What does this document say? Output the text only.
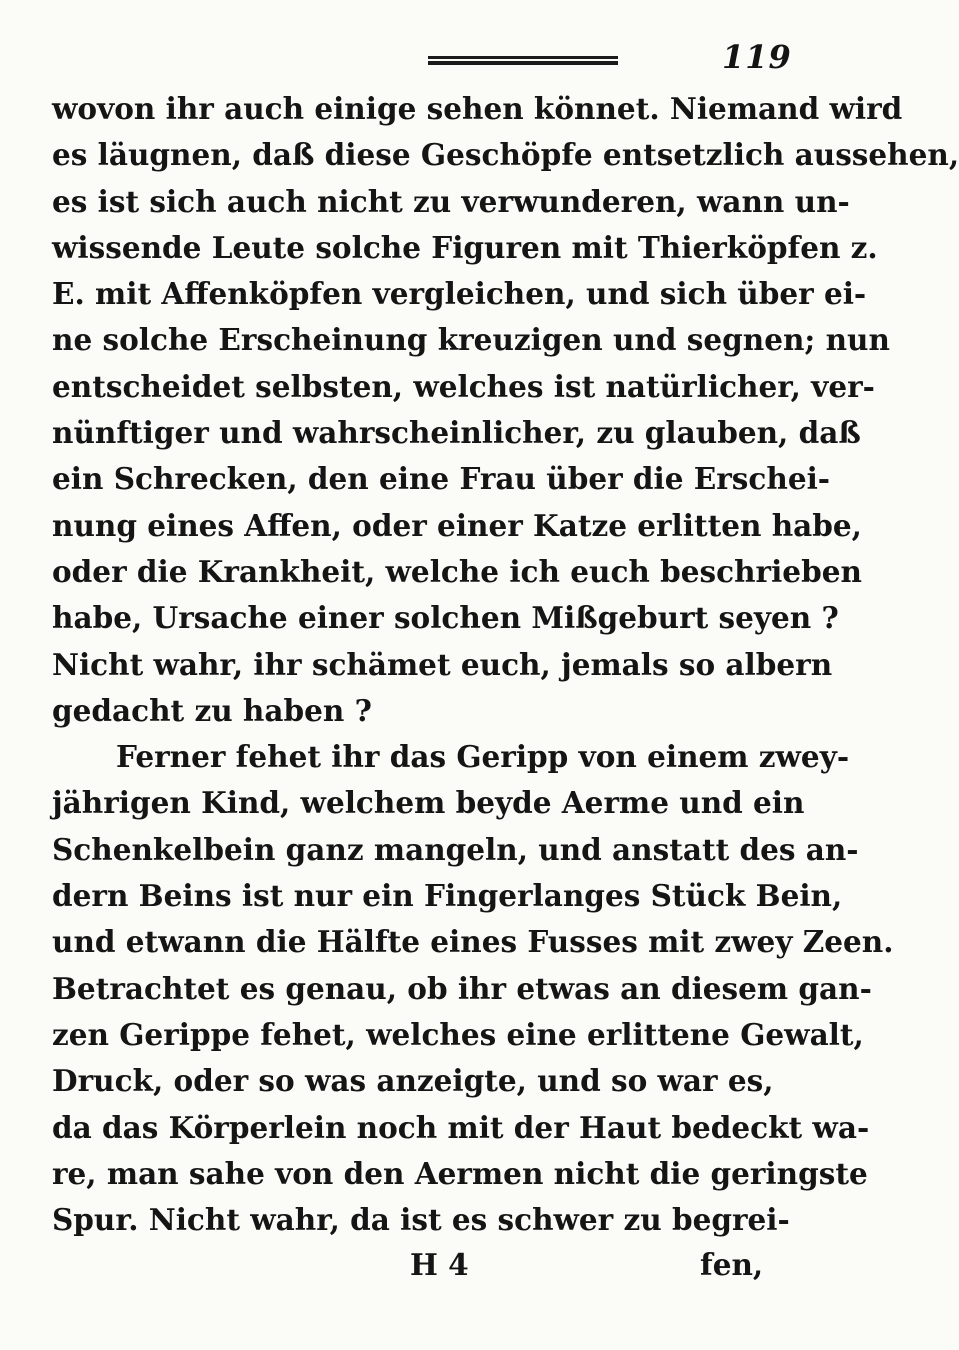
119
wovon ihr auch einige sehen könnet. Niemand wird
es läugnen, daß diese Geschöpfe entsetzlich aussehen,
es ist sich auch nicht zu verwunderen, wann un-
wissende Leute solche Figuren mit Thierköpfen z.
E. mit Affenköpfen vergleichen, und sich über ei-
ne solche Erscheinung kreuzigen und segnen; nun
entscheidet selbsten, welches ist natürlicher, ver-
nünftiger und wahrscheinlicher, zu glauben, daß
ein Schrecken, den eine Frau über die Erschei-
nung eines Affen, oder einer Katze erlitten habe,
oder die Krankheit, welche ich euch beschrieben
habe, Ursache einer solchen Mißgeburt seyen ?
Nicht wahr, ihr schämet euch, jemals so albern
gedacht zu haben ?
Ferner fehet ihr das Geripp von einem zwey-
jährigen Kind, welchem beyde Aerme und ein
Schenkelbein ganz mangeln, und anstatt des an-
dern Beins ist nur ein Fingerlanges Stück Bein,
und etwann die Hälfte eines Fusses mit zwey Zeen.
Betrachtet es genau, ob ihr etwas an diesem gan-
zen Gerippe fehet, welches eine erlittene Gewalt,
Druck, oder so was anzeigte, und so war es,
da das Körperlein noch mit der Haut bedeckt wa-
re, man sahe von den Aermen nicht die geringste
Spur. Nicht wahr, da ist es schwer zu begrei-
H 4	fen,
